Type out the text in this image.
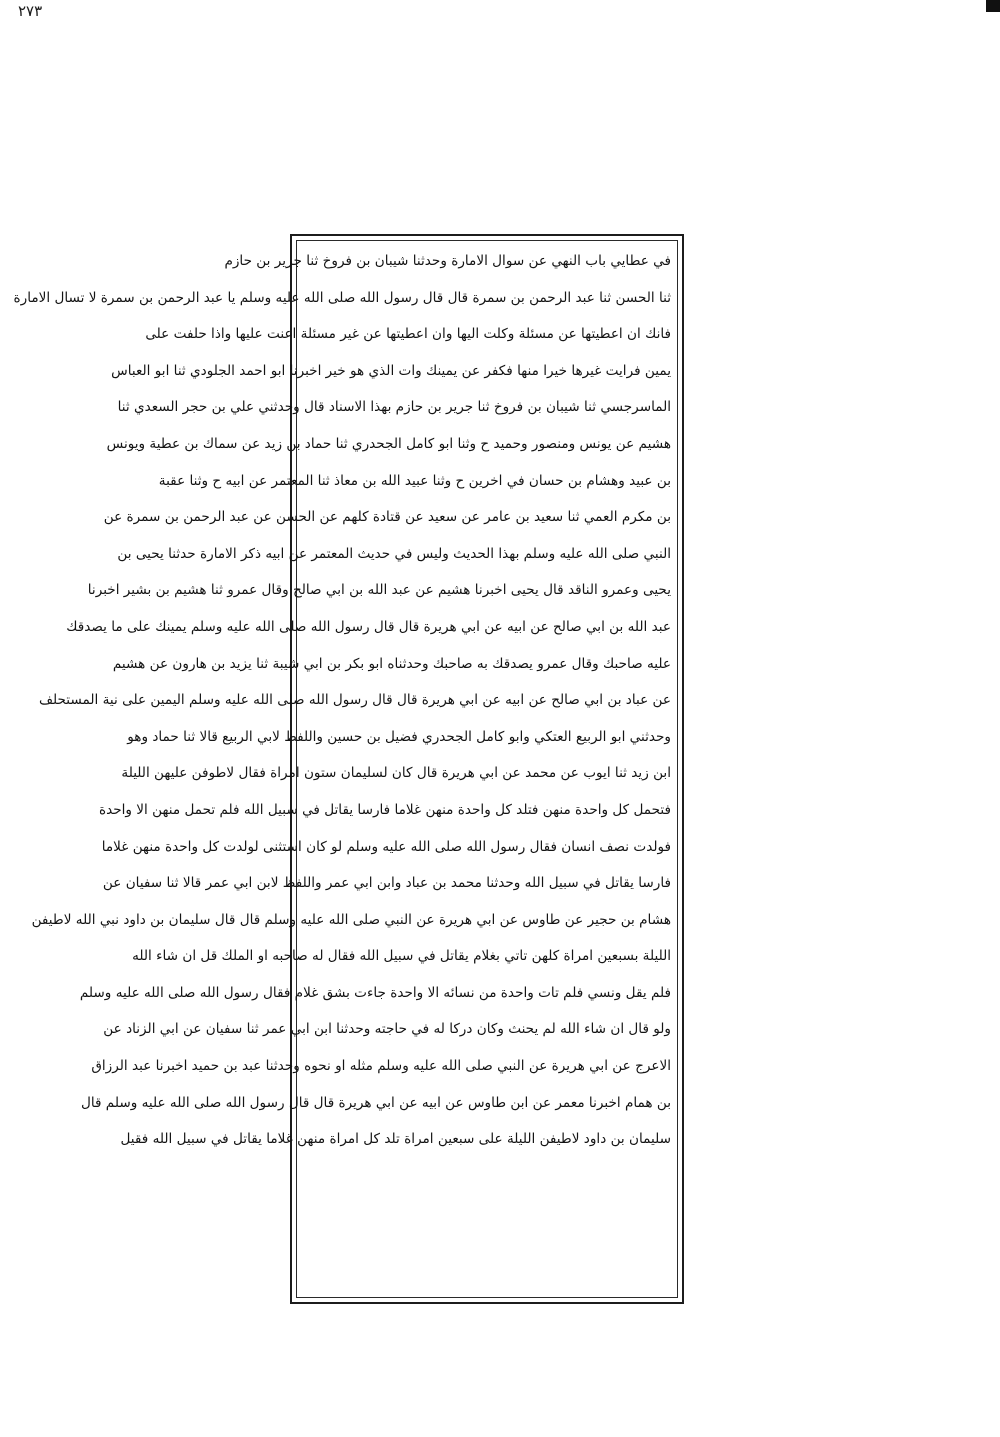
٢٧٣
في عطايي باب النهي عن سوال الامارة وحدثنا شيبان بن فروخ ثنا جرير بن حازم
ثنا الحسن ثنا عبد الرحمن بن سمرة قال قال رسول الله صلى الله عليه وسلم يا عبد الرحمن بن سمرة لا تسال الامارة
فانك ان اعطيتها عن مسئلة وكلت اليها وان اعطيتها عن غير مسئلة اعنت عليها واذا حلفت على
يمين فرايت غيرها خيرا منها فكفر عن يمينك وات الذي هو خير اخبرنا ابو احمد الجلودي ثنا ابو العباس
الماسرجسي ثنا شيبان بن فروخ ثنا جرير بن حازم بهذا الاسناد قال وحدثني علي بن حجر السعدي ثنا
هشيم عن يونس ومنصور وحميد ح وثنا ابو كامل الجحدري ثنا حماد بن زيد عن سماك بن عطية ويونس
بن عبيد وهشام بن حسان في اخرين ح وثنا عبيد الله بن معاذ ثنا المعتمر عن ابيه ح وثنا عقبة
بن مكرم العمي ثنا سعيد بن عامر عن سعيد عن قتادة كلهم عن الحسن عن عبد الرحمن بن سمرة عن
النبي صلى الله عليه وسلم بهذا الحديث وليس في حديث المعتمر عن ابيه ذكر الامارة حدثنا يحيى بن
يحيى وعمرو الناقد قال يحيى اخبرنا هشيم عن عبد الله بن ابي صالح وقال عمرو ثنا هشيم بن بشير اخبرنا
عبد الله بن ابي صالح عن ابيه عن ابي هريرة قال قال رسول الله صلى الله عليه وسلم يمينك على ما يصدقك
عليه صاحبك وقال عمرو يصدقك به صاحبك وحدثناه ابو بكر بن ابي شيبة ثنا يزيد بن هارون عن هشيم
عن عباد بن ابي صالح عن ابيه عن ابي هريرة قال قال رسول الله صلى الله عليه وسلم اليمين على نية المستحلف
وحدثني ابو الربيع العتكي وابو كامل الجحدري فضيل بن حسين واللفظ لابي الربيع قالا ثنا حماد وهو
ابن زيد ثنا ايوب عن محمد عن ابي هريرة قال كان لسليمان ستون امراة فقال لاطوفن عليهن الليلة
فتحمل كل واحدة منهن فتلد كل واحدة منهن غلاما فارسا يقاتل في سبيل الله فلم تحمل منهن الا واحدة
فولدت نصف انسان فقال رسول الله صلى الله عليه وسلم لو كان استثنى لولدت كل واحدة منهن غلاما
فارسا يقاتل في سبيل الله وحدثنا محمد بن عباد وابن ابي عمر واللفظ لابن ابي عمر قالا ثنا سفيان عن
هشام بن حجير عن طاوس عن ابي هريرة عن النبي صلى الله عليه وسلم قال قال سليمان بن داود نبي الله لاطيفن
الليلة بسبعين امراة كلهن تاتي بغلام يقاتل في سبيل الله فقال له صاحبه او الملك قل ان شاء الله
فلم يقل ونسي فلم تات واحدة من نسائه الا واحدة جاءت بشق غلام فقال رسول الله صلى الله عليه وسلم
ولو قال ان شاء الله لم يحنث وكان دركا له في حاجته وحدثنا ابن ابي عمر ثنا سفيان عن ابي الزناد عن
الاعرج عن ابي هريرة عن النبي صلى الله عليه وسلم مثله او نحوه وحدثنا عبد بن حميد اخبرنا عبد الرزاق
بن همام اخبرنا معمر عن ابن طاوس عن ابيه عن ابي هريرة قال قال رسول الله صلى الله عليه وسلم قال
سليمان بن داود لاطيفن الليلة على سبعين امراة تلد كل امراة منهن غلاما يقاتل في سبيل الله فقيل
